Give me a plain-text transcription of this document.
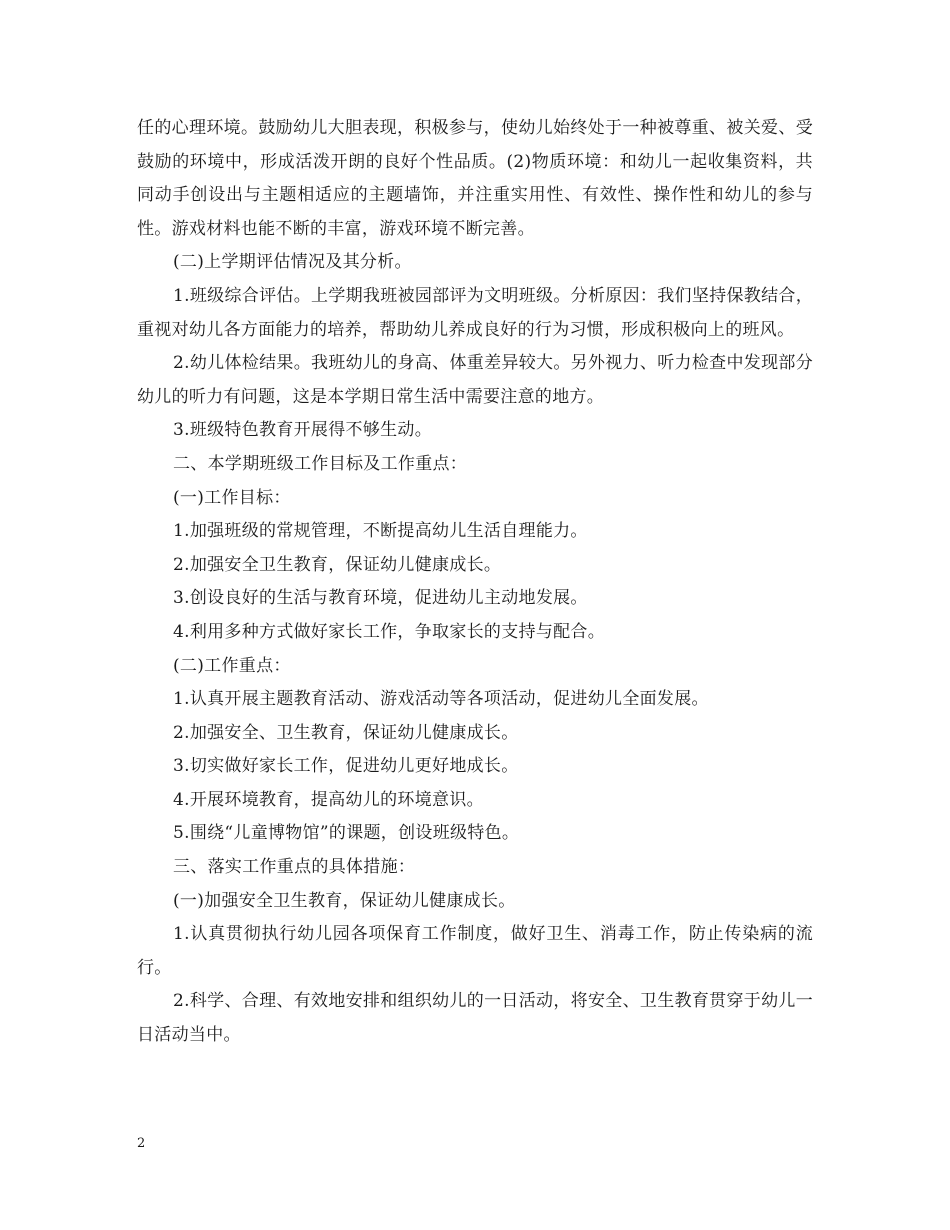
任的心理环境。鼓励幼儿大胆表现，积极参与，使幼儿始终处于一种被尊重、被关爱、受鼓励的环境中，形成活泼开朗的良好个性品质。(2)物质环境：和幼儿一起收集资料，共同动手创设出与主题相适应的主题墙饰，并注重实用性、有效性、操作性和幼儿的参与性。游戏材料也能不断的丰富，游戏环境不断完善。

(二)上学期评估情况及其分析。

1.班级综合评估。上学期我班被园部评为文明班级。分析原因：我们坚持保教结合，重视对幼儿各方面能力的培养，帮助幼儿养成良好的行为习惯，形成积极向上的班风。

2.幼儿体检结果。我班幼儿的身高、体重差异较大。另外视力、听力检查中发现部分幼儿的听力有问题，这是本学期日常生活中需要注意的地方。

3.班级特色教育开展得不够生动。

二、本学期班级工作目标及工作重点：

(一)工作目标：

1.加强班级的常规管理，不断提高幼儿生活自理能力。

2.加强安全卫生教育，保证幼儿健康成长。

3.创设良好的生活与教育环境，促进幼儿主动地发展。

4.利用多种方式做好家长工作，争取家长的支持与配合。

(二)工作重点：

1.认真开展主题教育活动、游戏活动等各项活动，促进幼儿全面发展。

2.加强安全、卫生教育，保证幼儿健康成长。

3.切实做好家长工作，促进幼儿更好地成长。

4.开展环境教育，提高幼儿的环境意识。

5.围绕“儿童博物馆”的课题，创设班级特色。

三、落实工作重点的具体措施：

(一)加强安全卫生教育，保证幼儿健康成长。

1.认真贯彻执行幼儿园各项保育工作制度，做好卫生、消毒工作，防止传染病的流行。

2.科学、合理、有效地安排和组织幼儿的一日活动，将安全、卫生教育贯穿于幼儿一日活动当中。

2
